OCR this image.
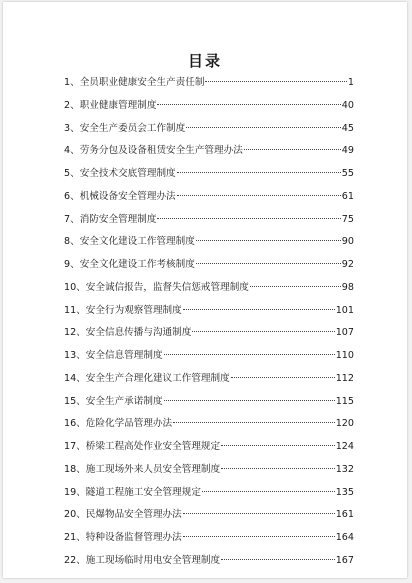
目录
1、全员职业健康安全生产责任制	1
2、职业健康管理制度	40
3、安全生产委员会工作制度	45
4、劳务分包及设备租赁安全生产管理办法	49
5、安全技术交底管理制度	55
6、机械设备安全管理办法	61
7、消防安全管理制度	75
8、安全文化建设工作管理制度	90
9、安全文化建设工作考核制度	92
10、安全诚信报告，监督失信惩戒管理制度	98
11、安全行为观察管理制度	101
12、安全信息传播与沟通制度	107
13、安全信息管理制度	110
14、安全生产合理化建议工作管理制度	112
15、安全生产承诺制度	115
16、危险化学品管理办法	120
17、桥梁工程高处作业安全管理规定	124
18、施工现场外来人员安全管理制度	132
19、隧道工程施工安全管理规定	135
20、民爆物品安全管理办法	161
21、特种设备监督管理办法	164
22、施工现场临时用电安全管理制度	167
